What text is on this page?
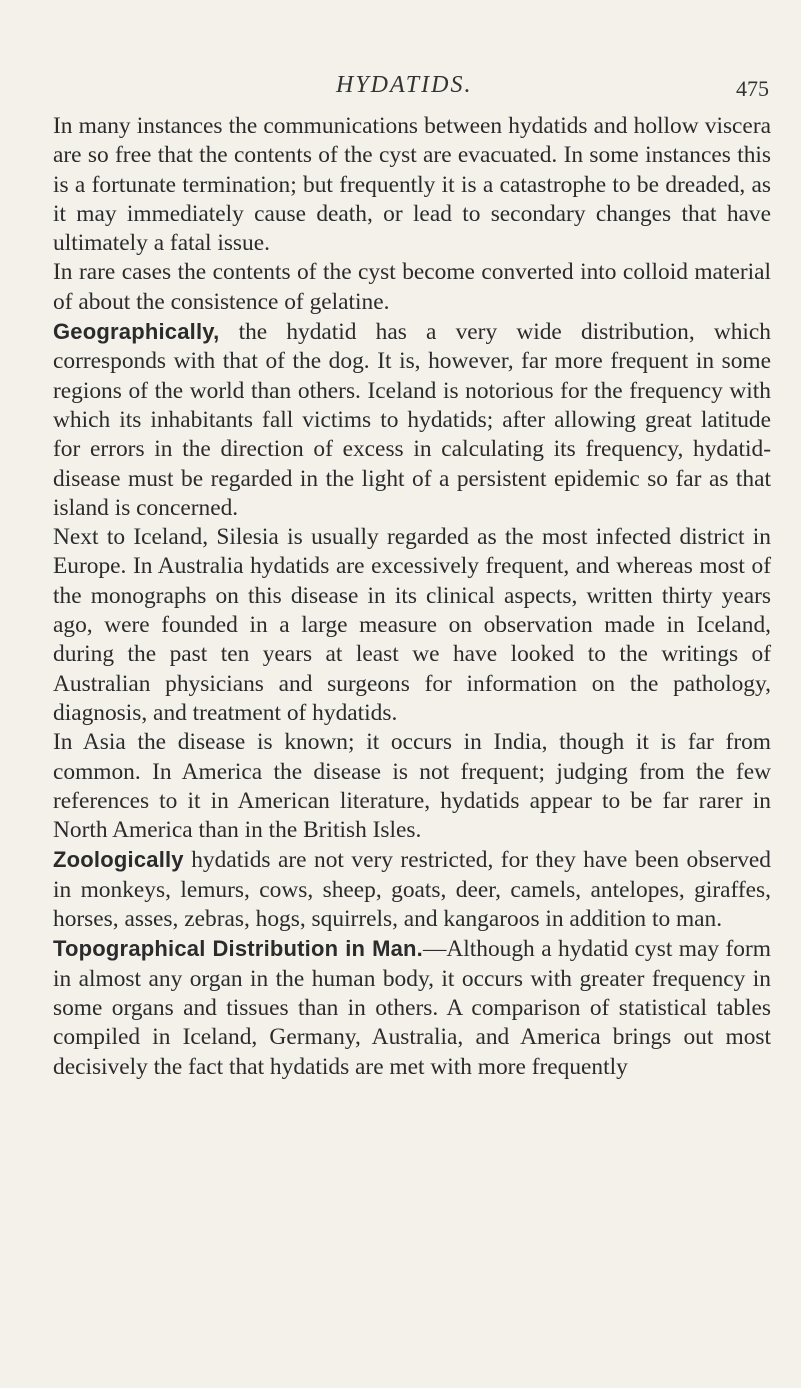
HYDATIDS.	475

In many instances the communications between hydatids and hollow viscera are so free that the contents of the cyst are evacuated. In some instances this is a fortunate termination; but frequently it is a catastrophe to be dreaded, as it may immediately cause death, or lead to secondary changes that have ultimately a fatal issue.

In rare cases the contents of the cyst become converted into colloid material of about the consistence of gelatine.

Geographically, the hydatid has a very wide distribution, which corresponds with that of the dog. It is, however, far more frequent in some regions of the world than others. Iceland is notorious for the frequency with which its inhabitants fall victims to hydatids; after allowing great latitude for errors in the direction of excess in calculating its frequency, hydatid-disease must be regarded in the light of a persistent epidemic so far as that island is concerned.

Next to Iceland, Silesia is usually regarded as the most infected district in Europe. In Australia hydatids are excessively frequent, and whereas most of the monographs on this disease in its clinical aspects, written thirty years ago, were founded in a large measure on observation made in Iceland, during the past ten years at least we have looked to the writings of Australian physicians and surgeons for information on the pathology, diagnosis, and treatment of hydatids.

In Asia the disease is known; it occurs in India, though it is far from common. In America the disease is not frequent; judging from the few references to it in American literature, hydatids appear to be far rarer in North America than in the British Isles.

Zoologically hydatids are not very restricted, for they have been observed in monkeys, lemurs, cows, sheep, goats, deer, camels, antelopes, giraffes, horses, asses, zebras, hogs, squirrels, and kangaroos in addition to man.

Topographical Distribution in Man.—Although a hydatid cyst may form in almost any organ in the human body, it occurs with greater frequency in some organs and tissues than in others. A comparison of statistical tables compiled in Iceland, Germany, Australia, and America brings out most decisively the fact that hydatids are met with more frequently
